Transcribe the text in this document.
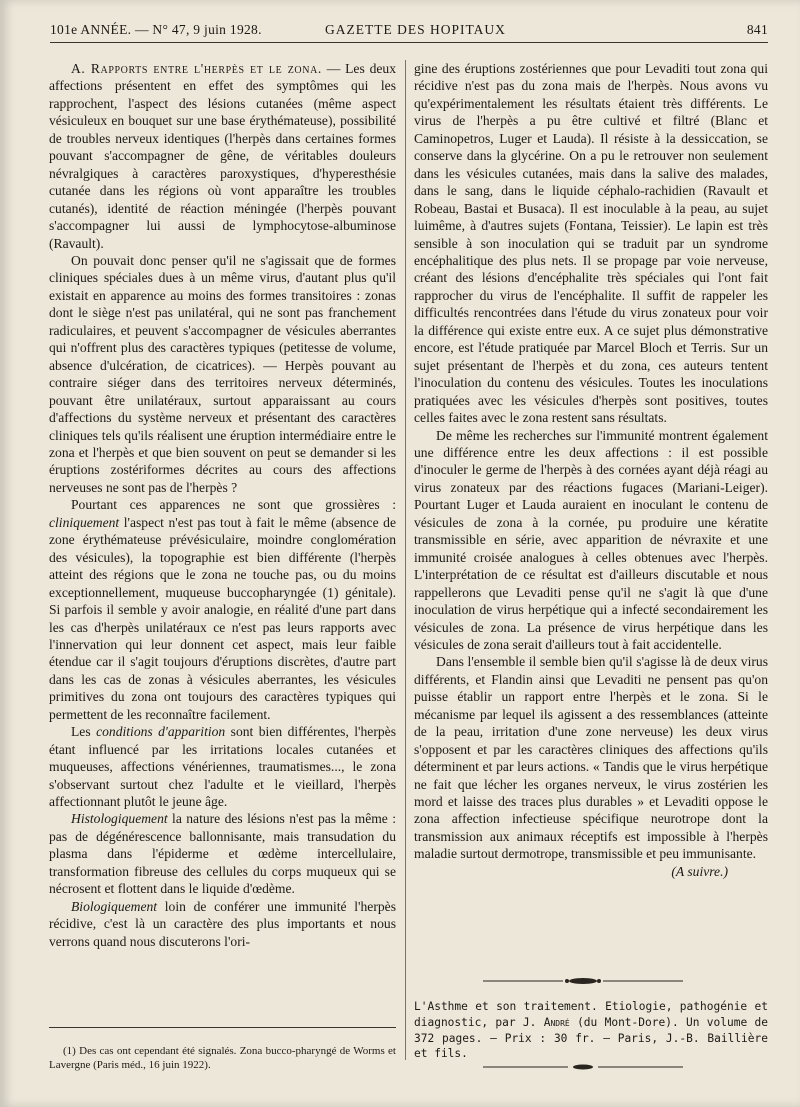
101e ANNÉE. — N° 47, 9 juin 1928.	GAZETTE DES HOPITAUX	841

A. Rapports entre l'herpès et le zona. — Les deux affections présentent en effet des symptômes qui les rapprochent, l'aspect des lésions cutanées (même aspect vésiculeux en bouquet sur une base érythémateuse), possibilité de troubles nerveux identiques (l'herpès dans certaines formes pouvant s'accompagner de gêne, de véritables douleurs névralgiques à caractères paroxystiques, d'hyperesthésie cutanée dans les régions où vont apparaître les troubles cutanés), identité de réaction méningée (l'herpès pouvant s'accompagner lui aussi de lymphocytose-albuminose (Ravault).

On pouvait donc penser qu'il ne s'agissait que de formes cliniques spéciales dues à un même virus, d'autant plus qu'il existait en apparence au moins des formes transitoires : zonas dont le siège n'est pas unilatéral, qui ne sont pas franchement radiculaires, et peuvent s'accompagner de vésicules aberrantes qui n'offrent plus des caractères typiques (petitesse de volume, absence d'ulcération, de cicatrices). — Herpès pouvant au contraire siéger dans des territoires nerveux déterminés, pouvant être unilatéraux, surtout apparaissant au cours d'affections du système nerveux et présentant des caractères cliniques tels qu'ils réalisent une éruption intermédiaire entre le zona et l'herpès et que bien souvent on peut se demander si les éruptions zostériformes décrites au cours des affections nerveuses ne sont pas de l'herpès ?

Pourtant ces apparences ne sont que grossières : cliniquement l'aspect n'est pas tout à fait le même (absence de zone érythémateuse prévésiculaire, moindre conglomération des vésicules), la topographie est bien différente (l'herpès atteint des régions que le zona ne touche pas, ou du moins exceptionnellement, muqueuse buccopharyngée (1) génitale). Si parfois il semble y avoir analogie, en réalité d'une part dans les cas d'herpès unilatéraux ce n'est pas leurs rapports avec l'innervation qui leur donnent cet aspect, mais leur faible étendue car il s'agit toujours d'éruptions discrètes, d'autre part dans les cas de zonas à vésicules aberrantes, les vésicules primitives du zona ont toujours des caractères typiques qui permettent de les reconnaître facilement.

Les conditions d'apparition sont bien différentes, l'herpès étant influencé par les irritations locales cutanées et muqueuses, affections vénériennes, traumatismes..., le zona s'observant surtout chez l'adulte et le vieillard, l'herpès affectionnant plutôt le jeune âge.

Histologiquement la nature des lésions n'est pas la même : pas de dégénérescence ballonnisante, mais transudation du plasma dans l'épiderme et œdème intercellulaire, transformation fibreuse des cellules du corps muqueux qui se nécrosent et flottent dans le liquide d'œdème.

Biologiquement loin de conférer une immunité l'herpès récidive, c'est là un caractère des plus importants et nous verrons quand nous discuterons l'ori-

gine des éruptions zostériennes que pour Levaditi tout zona qui récidive n'est pas du zona mais de l'herpès. Nous avons vu qu'expérimentalement les résultats étaient très différents. Le virus de l'herpès a pu être cultivé et filtré (Blanc et Caminopetros, Luger et Lauda). Il résiste à la dessiccation, se conserve dans la glycérine. On a pu le retrouver non seulement dans les vésicules cutanées, mais dans la salive des malades, dans le sang, dans le liquide céphalo-rachidien (Ravault et Robeau, Bastai et Busaca). Il est inoculable à la peau, au sujet luimême, à d'autres sujets (Fontana, Teissier). Le lapin est très sensible à son inoculation qui se traduit par un syndrome encéphalitique des plus nets. Il se propage par voie nerveuse, créant des lésions d'encéphalite très spéciales qui l'ont fait rapprocher du virus de l'encéphalite. Il suffit de rappeler les difficultés rencontrées dans l'étude du virus zonateux pour voir la différence qui existe entre eux. A ce sujet plus démonstrative encore, est l'étude pratiquée par Marcel Bloch et Terris. Sur un sujet présentant de l'herpès et du zona, ces auteurs tentent l'inoculation du contenu des vésicules. Toutes les inoculations pratiquées avec les vésicules d'herpès sont positives, toutes celles faites avec le zona restent sans résultats.

De même les recherches sur l'immunité montrent également une différence entre les deux affections : il est possible d'inoculer le germe de l'herpès à des cornées ayant déjà réagi au virus zonateux par des réactions fugaces (Mariani-Leiger). Pourtant Luger et Lauda auraient en inoculant le contenu de vésicules de zona à la cornée, pu produire une kératite transmissible en série, avec apparition de névraxite et une immunité croisée analogues à celles obtenues avec l'herpès. L'interprétation de ce résultat est d'ailleurs discutable et nous rappellerons que Levaditi pense qu'il ne s'agit là que d'une inoculation de virus herpétique qui a infecté secondairement les vésicules de zona. La présence de virus herpétique dans les vésicules de zona serait d'ailleurs tout à fait accidentelle.

Dans l'ensemble il semble bien qu'il s'agisse là de deux virus différents, et Flandin ainsi que Levaditi ne pensent pas qu'on puisse établir un rapport entre l'herpès et le zona. Si le mécanisme par lequel ils agissent a des ressemblances (atteinte de la peau, irritation d'une zone nerveuse) les deux virus s'opposent et par les caractères cliniques des affections qu'ils déterminent et par leurs actions. « Tandis que le virus herpétique ne fait que lécher les organes nerveux, le virus zostérien les mord et laisse des traces plus durables » et Levaditi oppose le zona affection infectieuse spécifique neurotrope dont la transmission aux animaux réceptifs est impossible à l'herpès maladie surtout dermotrope, transmissible et peu immunisante.

(A suivre.)

L'Asthme et son traitement. Etiologie, pathogénie et diagnostic, par J. André (du Mont-Dore). Un volume de 372 pages. — Prix : 30 fr. — Paris, J.-B. Baillière et fils.

(1) Des cas ont cependant été signalés. Zona bucco-pharyngé de Worms et Lavergne (Paris méd., 16 juin 1922).
